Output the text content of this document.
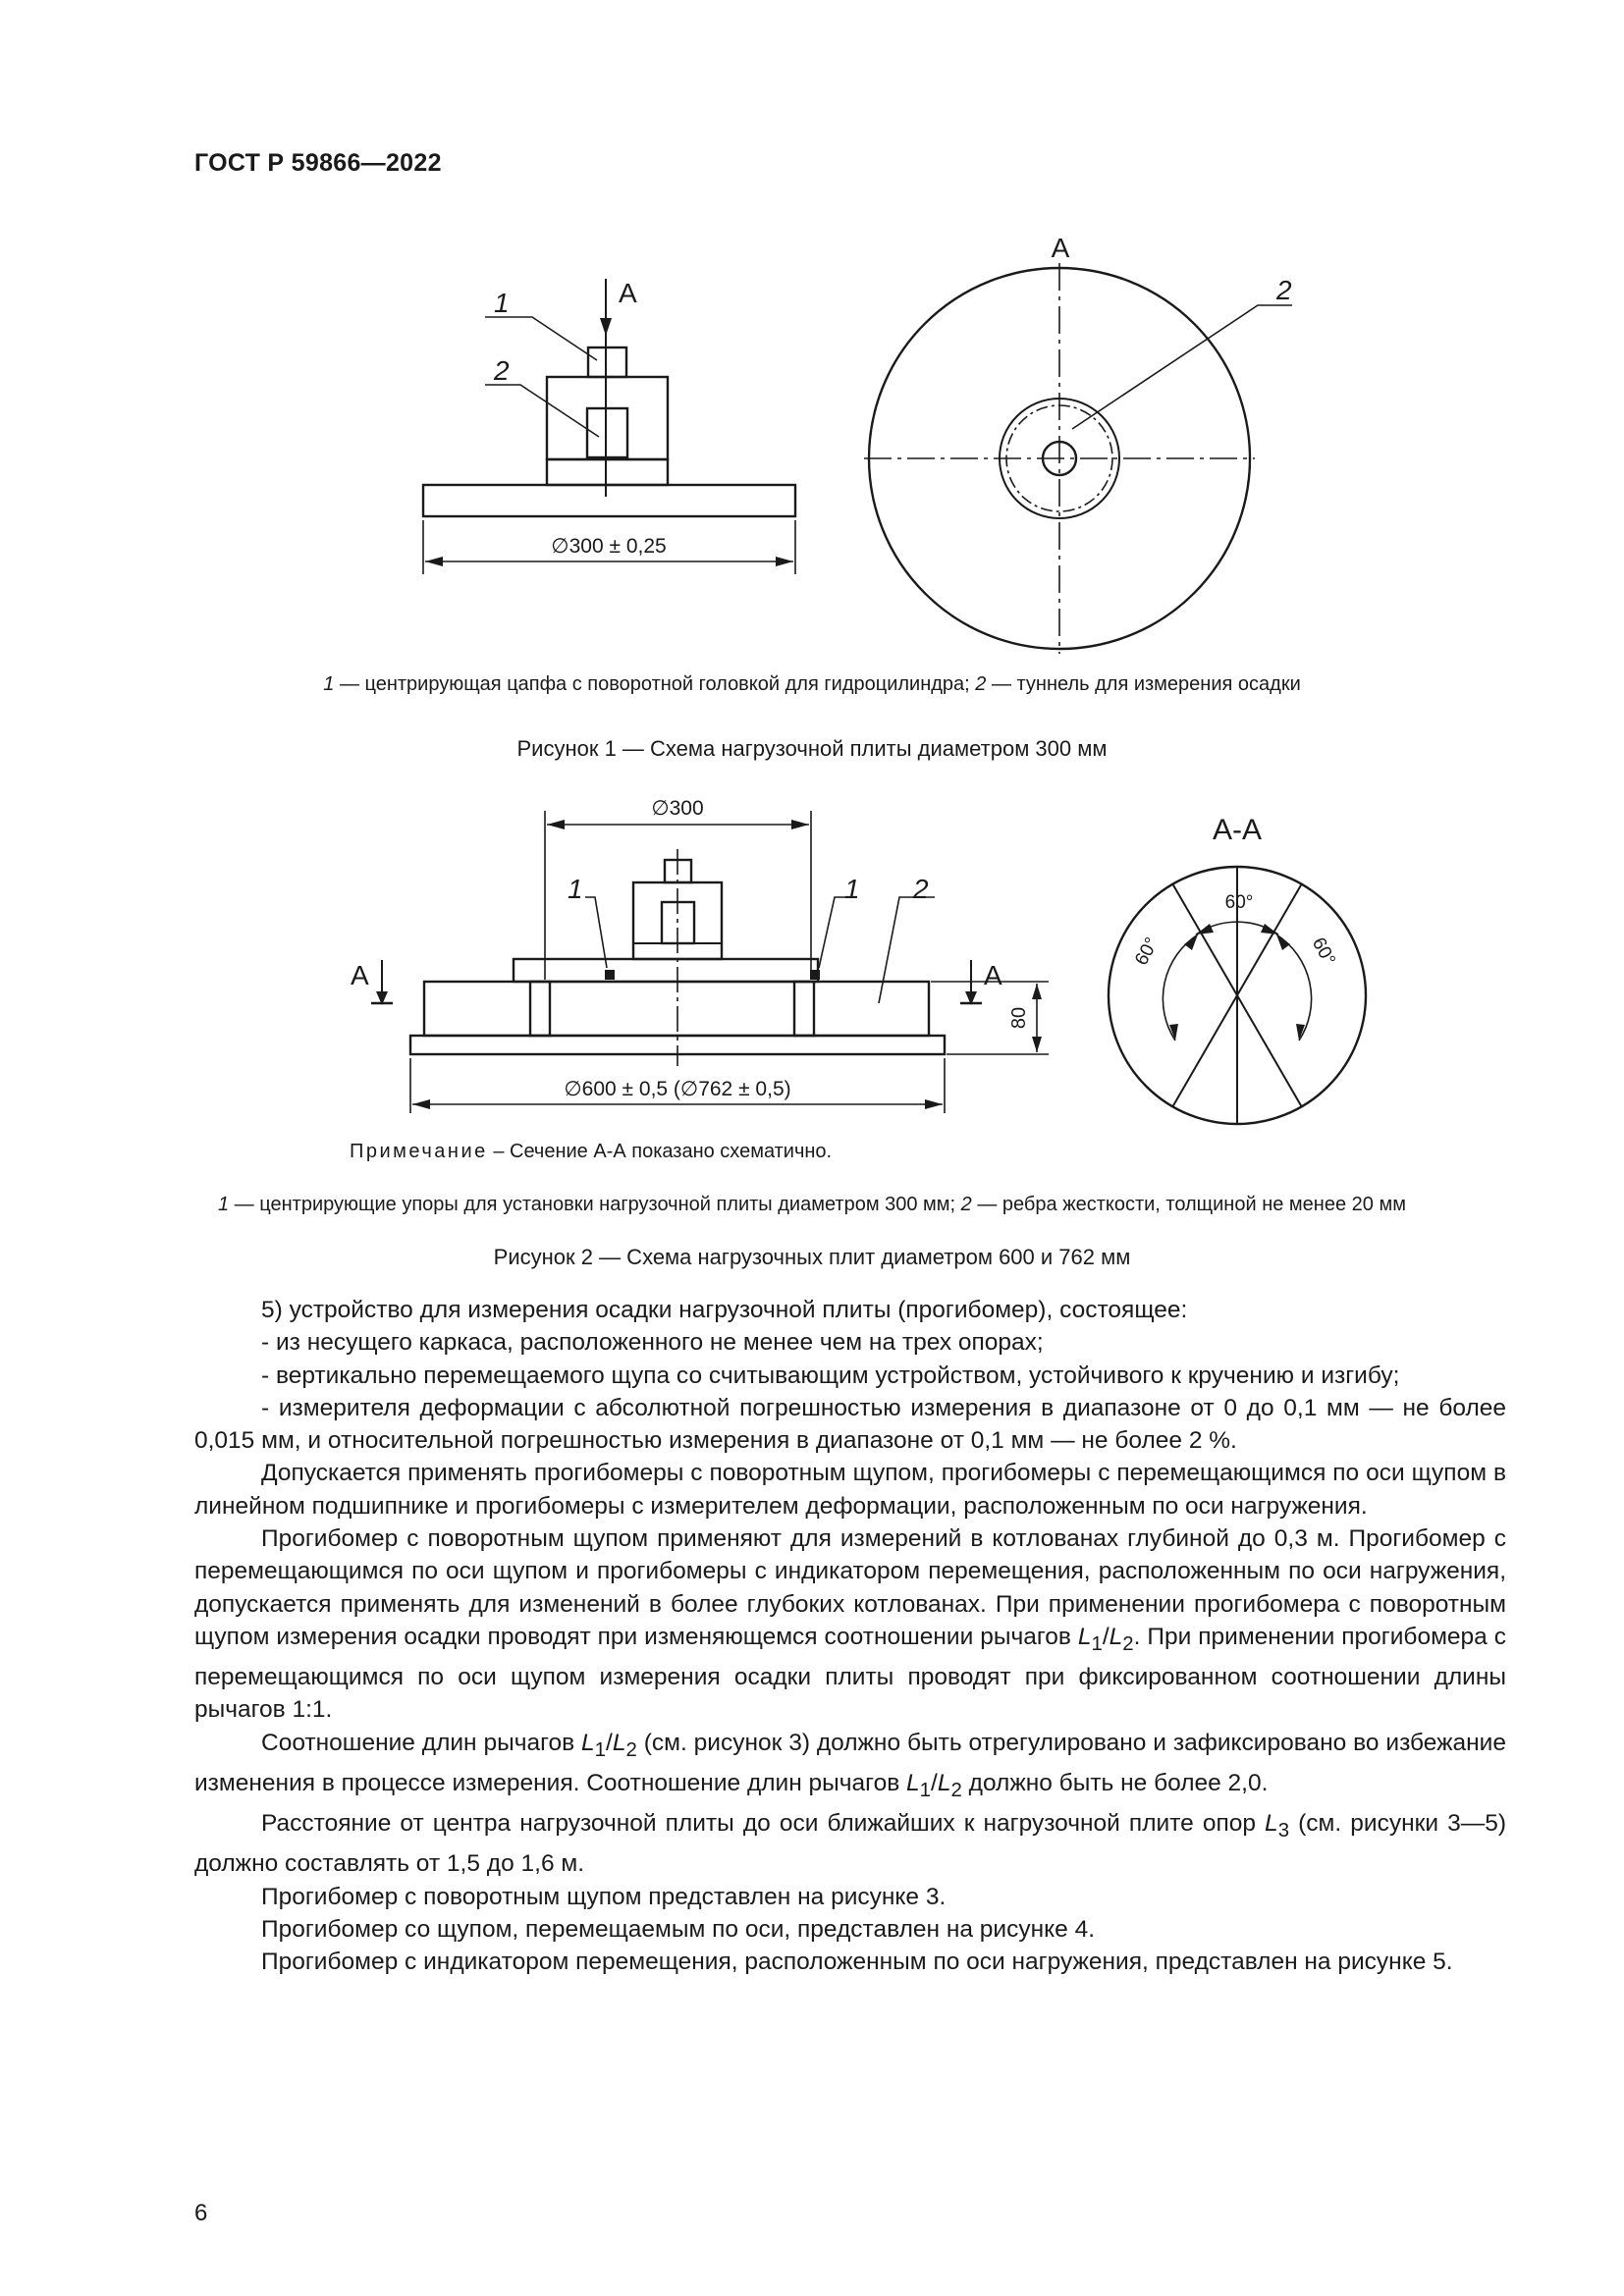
ГОСТ Р 59866—2022
A
1
2
∅300 ± 0,25
A
2
1 — центрирующая цапфа с поворотной головкой для гидроцилиндра; 2 — туннель для измерения осадки
Рисунок 1 — Схема нагрузочной плиты диаметром 300 мм
∅300
1	1 2
A	A
80
∅600 ± 0,5 (∅762 ± 0,5)
A-A
60°
60°	60°
Примечание – Сечение А-А показано схематично.
1 — центрирующие упоры для установки нагрузочной плиты диаметром 300 мм; 2 — ребра жесткости, толщиной не менее 20 мм
Рисунок 2 — Схема нагрузочных плит диаметром 600 и 762 мм

5) устройство для измерения осадки нагрузочной плиты (прогибомер), состоящее:

- из несущего каркаса, расположенного не менее чем на трех опорах;

- вертикально перемещаемого щупа со считывающим устройством, устойчивого к кручению и изгибу;

- измерителя деформации с абсолютной погрешностью измерения в диапазоне от 0 до 0,1 мм — не более 0,015 мм, и относительной погрешностью измерения в диапазоне от 0,1 мм — не более 2 %.

Допускается применять прогибомеры с поворотным щупом, прогибомеры с перемещающимся по оси щупом в линейном подшипнике и прогибомеры с измерителем деформации, расположенным по оси нагружения.

Прогибомер с поворотным щупом применяют для измерений в котлованах глубиной до 0,3 м. Прогибомер с перемещающимся по оси щупом и прогибомеры с индикатором перемещения, расположенным по оси нагружения, допускается применять для изменений в более глубоких котлованах. При применении прогибомера с поворотным щупом измерения осадки проводят при изменяющемся соотношении рычагов $L_1/L_2$. При применении прогибомера с перемещающимся по оси щупом измерения осадки плиты проводят при фиксированном соотношении длины рычагов 1:1.

Соотношение длин рычагов $L_1/L_2$ (см. рисунок 3) должно быть отрегулировано и зафиксировано во избежание изменения в процессе измерения. Соотношение длин рычагов $L_1/L_2$ должно быть не более 2,0.

Расстояние от центра нагрузочной плиты до оси ближайших к нагрузочной плите опор $L_3$ (см. рисунки 3—5) должно составлять от 1,5 до 1,6 м.

Прогибомер с поворотным щупом представлен на рисунке 3.

Прогибомер со щупом, перемещаемым по оси, представлен на рисунке 4.

Прогибомер с индикатором перемещения, расположенным по оси нагружения, представлен на рисунке 5.

6
